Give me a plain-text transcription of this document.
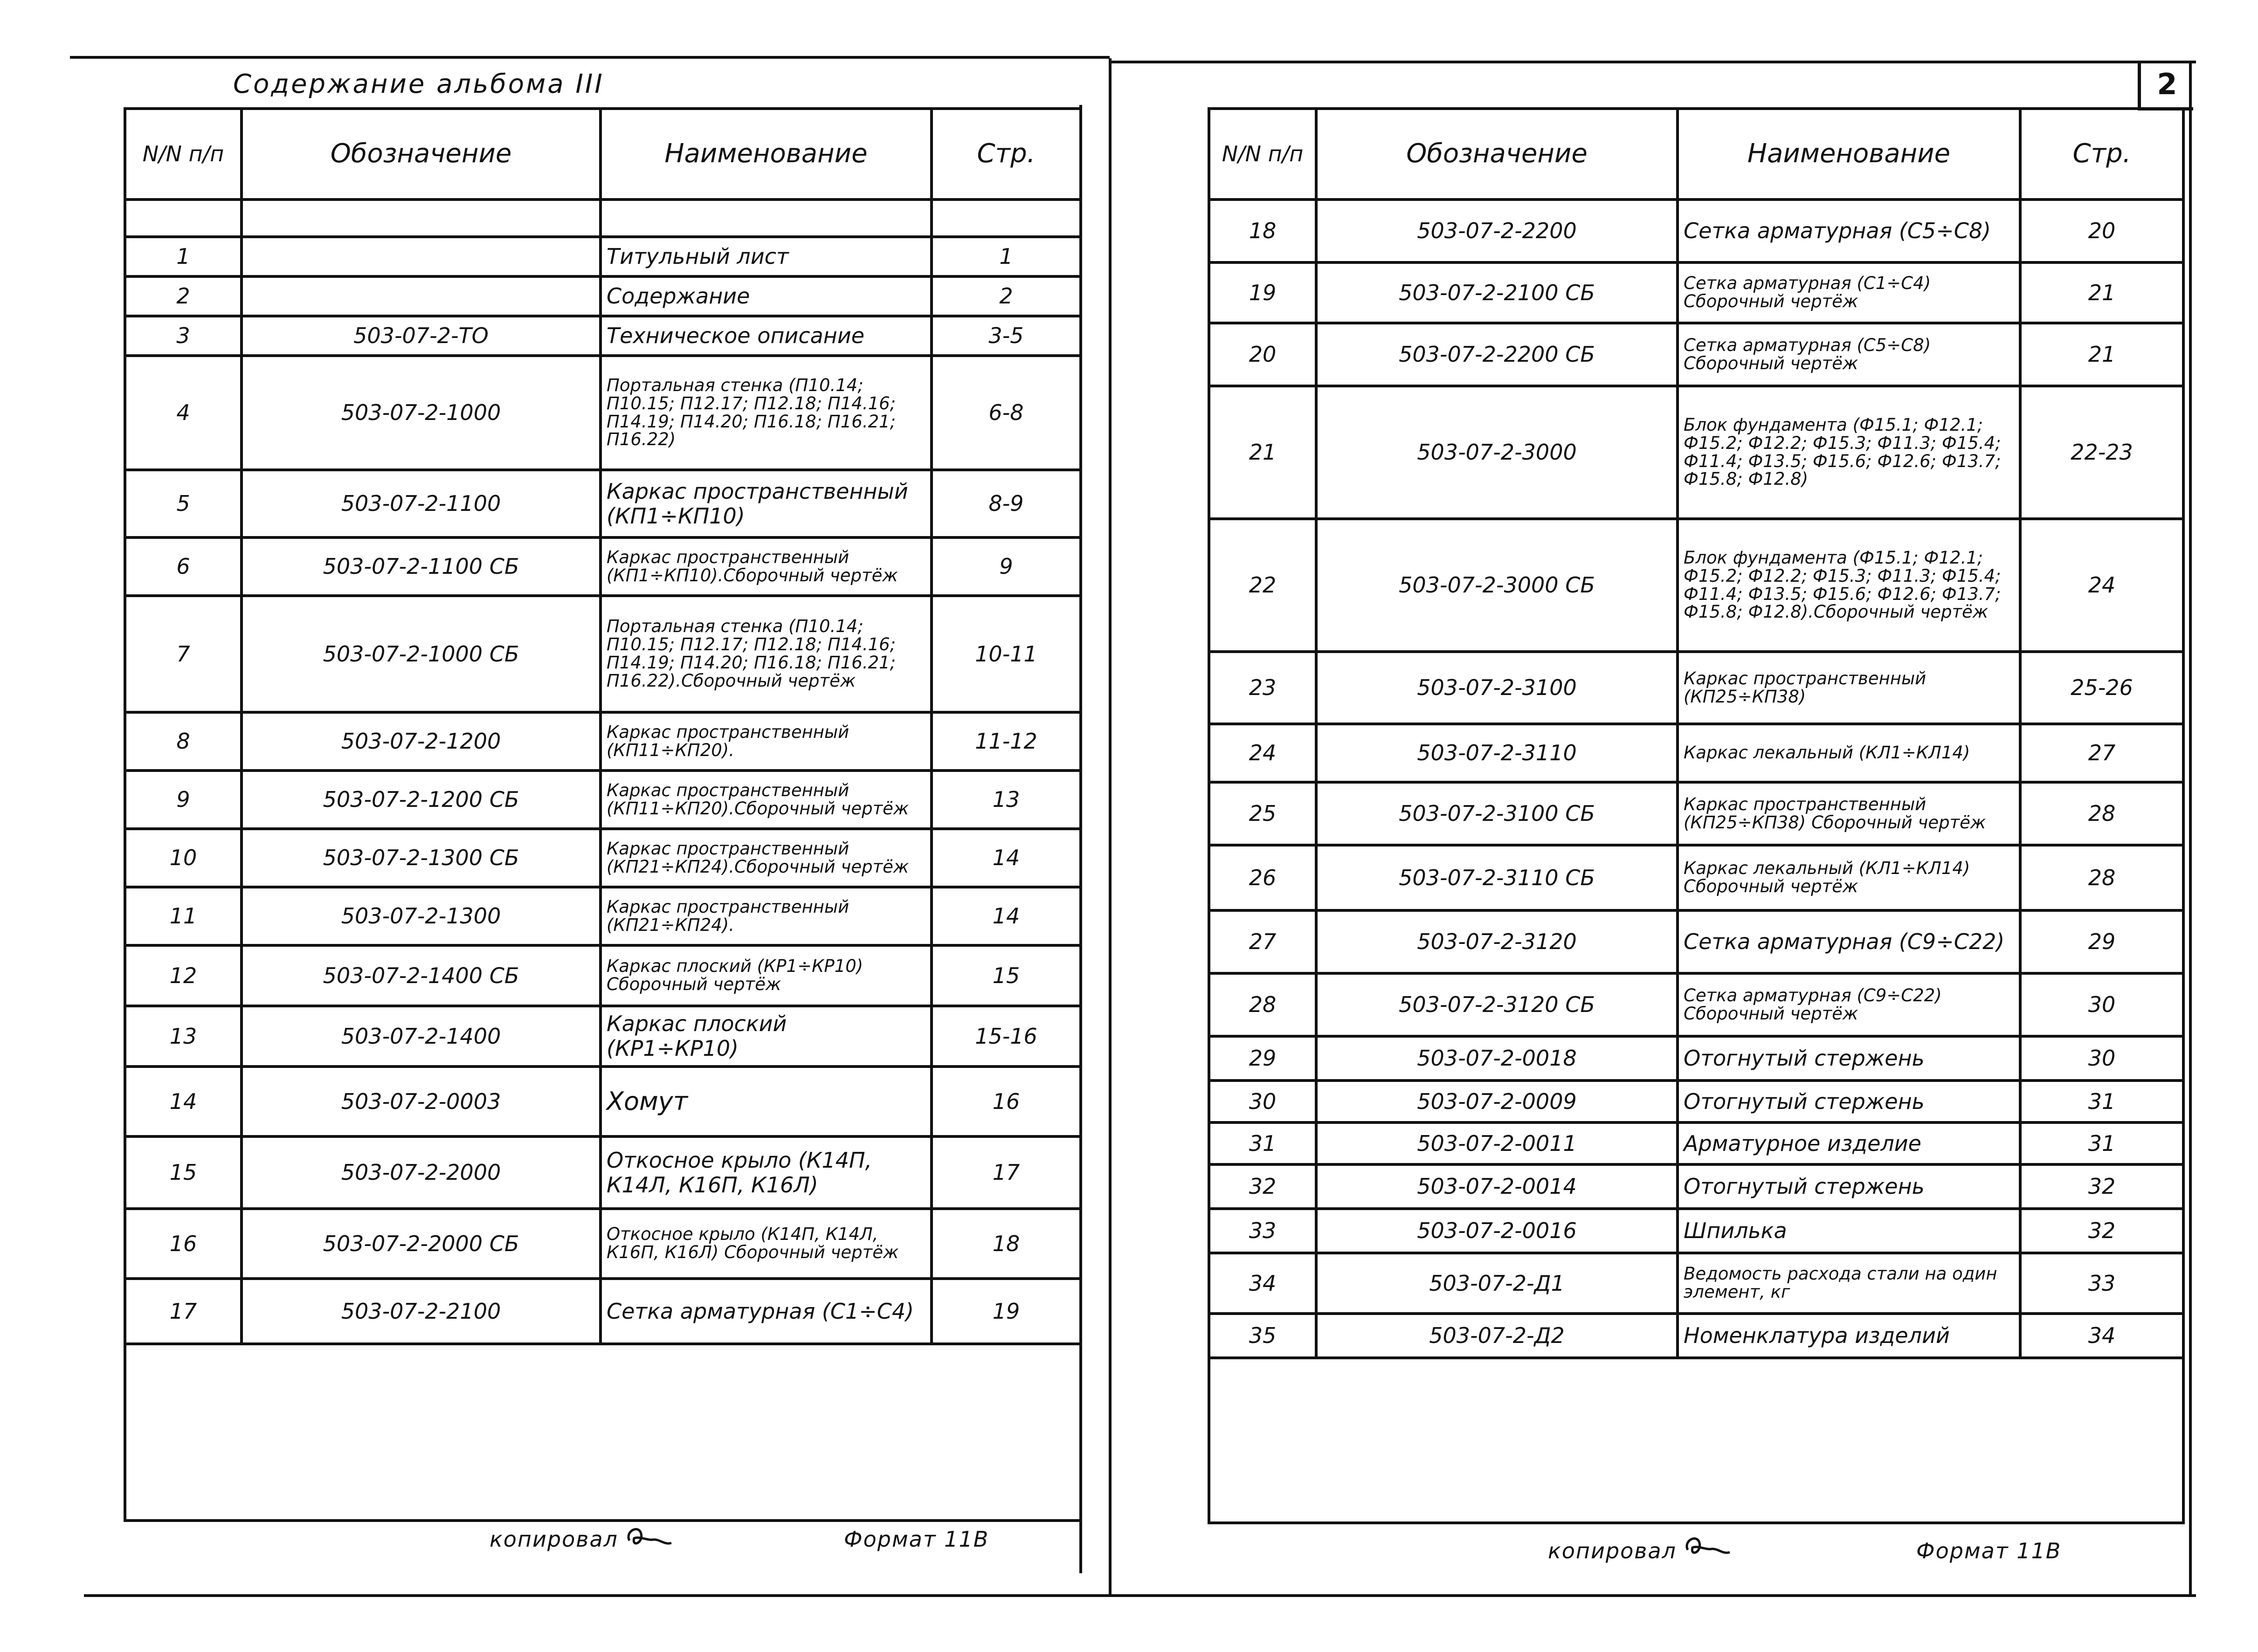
Содержание альбома III	2
N/N п/п	Обозначение	Наименование	Стр.

1		Титульный лист	1
2		Содержание	2
3	503-07-2-ТО	Техническое описание	3-5
4	503-07-2-1000	Портальная стенка (П10.14; П10.15; П12.17; П12.18; П14.16; П14.19; П14.20; П16.18; П16.21; П16.22)	6-8
5	503-07-2-1100	Каркас пространственный (КП1÷КП10)	8-9
6	503-07-2-1100 СБ	Каркас пространственный (КП1÷КП10).Сборочный чертёж	9
7	503-07-2-1000 СБ	Портальная стенка (П10.14; П10.15; П12.17; П12.18; П14.16; П14.19; П14.20; П16.18; П16.21; П16.22).Сборочный чертёж	10-11
8	503-07-2-1200	Каркас пространственный (КП11÷КП20).	11-12
9	503-07-2-1200 СБ	Каркас пространственный (КП11÷КП20).Сборочный чертёж	13
10	503-07-2-1300 СБ	Каркас пространственный (КП21÷КП24).Сборочный чертёж	14
11	503-07-2-1300	Каркас пространственный (КП21÷КП24).	14
12	503-07-2-1400 СБ	Каркас плоский (КР1÷КР10) Сборочный чертёж	15
13	503-07-2-1400	Каркас плоский (КР1÷КР10)	15-16
14	503-07-2-0003	Хомут	16
15	503-07-2-2000	Откосное крыло (К14П, К14Л, К16П, К16Л)	17
16	503-07-2-2000 СБ	Откосное крыло (К14П, К14Л, К16П, К16Л) Сборочный чертёж	18
17	503-07-2-2100	Сетка арматурная (С1÷С4)	19

N/N п/п	Обозначение	Наименование	Стр.
18	503-07-2-2200	Сетка арматурная (С5÷С8)	20
19	503-07-2-2100 СБ	Сетка арматурная (С1÷С4) Сборочный чертёж	21
20	503-07-2-2200 СБ	Сетка арматурная (С5÷С8) Сборочный чертёж	21
21	503-07-2-3000	Блок фундамента (Ф15.1; Ф12.1; Ф15.2; Ф12.2; Ф15.3; Ф11.3; Ф15.4; Ф11.4; Ф13.5; Ф15.6; Ф12.6; Ф13.7; Ф15.8; Ф12.8)	22-23
22	503-07-2-3000 СБ	Блок фундамента (Ф15.1; Ф12.1; Ф15.2; Ф12.2; Ф15.3; Ф11.3; Ф15.4; Ф11.4; Ф13.5; Ф15.6; Ф12.6; Ф13.7; Ф15.8; Ф12.8).Сборочный чертёж	24
23	503-07-2-3100	Каркас пространственный (КП25÷КП38)	25-26
24	503-07-2-3110	Каркас лекальный (КЛ1÷КЛ14)	27
25	503-07-2-3100 СБ	Каркас пространственный (КП25÷КП38) Сборочный чертёж	28
26	503-07-2-3110 СБ	Каркас лекальный (КЛ1÷КЛ14) Сборочный чертёж	28
27	503-07-2-3120	Сетка арматурная (С9÷С22)	29
28	503-07-2-3120 СБ	Сетка арматурная (С9÷С22) Сборочный чертёж	30
29	503-07-2-0018	Отогнутый стержень	30
30	503-07-2-0009	Отогнутый стержень	31
31	503-07-2-0011	Арматурное изделие	31
32	503-07-2-0014	Отогнутый стержень	32
33	503-07-2-0016	Шпилька	32
34	503-07-2-Д1	Ведомость расхода стали на один элемент, кг	33
35	503-07-2-Д2	Номенклатура изделий	34

копировал	Формат 11В	копировал	Формат 11В
